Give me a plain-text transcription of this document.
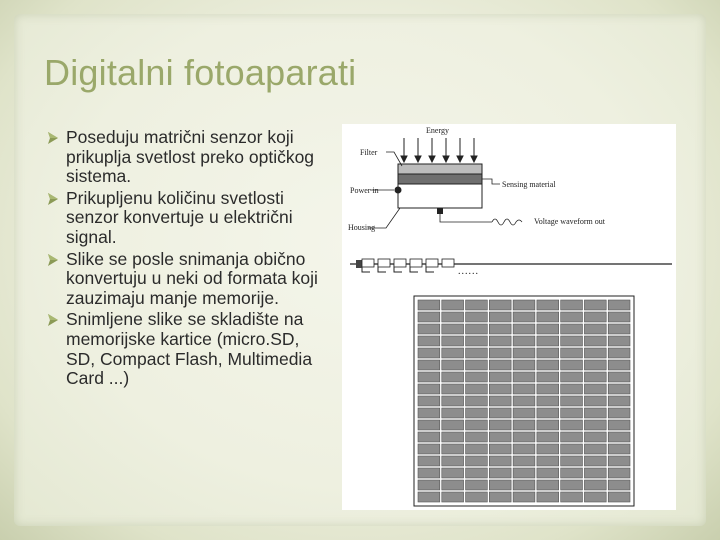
Digitalni fotoaparati
Poseduju matrični senzor koji prikuplja svetlost preko optičkog sistema.
Prikupljenu količinu svetlosti senzor konvertuje u električni signal.
Slike se posle snimanja obično konvertuju u neki od formata koji zauzimaju manje memorije.
Snimljene slike se skladište na memorijske kartice (micro.SD, SD, Compact Flash, Multimedia Card ...)
Energy
Filter
Power in
Sensing material
Housing
Voltage waveform out
......
